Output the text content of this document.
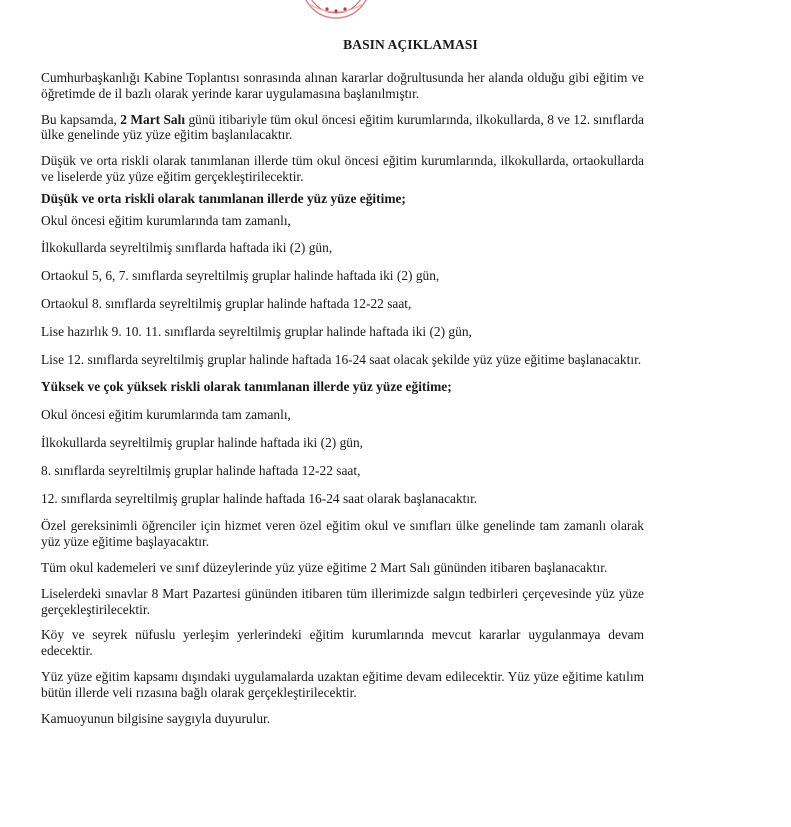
BASIN AÇIKLAMASI

Cumhurbaşkanlığı Kabine Toplantısı sonrasında alınan kararlar doğrultusunda her alanda olduğu gibi eğitim ve öğretimde de il bazlı olarak yerinde karar uygulamasına başlanılmıştır.

Bu kapsamda, 2 Mart Salı günü itibariyle tüm okul öncesi eğitim kurumlarında, ilkokullarda, 8 ve 12. sınıflarda ülke genelinde yüz yüze eğitim başlanılacaktır.

Düşük ve orta riskli olarak tanımlanan illerde tüm okul öncesi eğitim kurumlarında, ilkokullarda, ortaokullarda ve liselerde yüz yüze eğitim gerçekleştirilecektir.

Düşük ve orta riskli olarak tanımlanan illerde yüz yüze eğitime;

Okul öncesi eğitim kurumlarında tam zamanlı,

İlkokullarda seyreltilmiş sınıflarda haftada iki (2) gün,

Ortaokul 5, 6, 7. sınıflarda seyreltilmiş gruplar halinde haftada iki (2) gün,

Ortaokul 8. sınıflarda seyreltilmiş gruplar halinde haftada 12-22 saat,

Lise hazırlık 9. 10. 11. sınıflarda seyreltilmiş gruplar halinde haftada iki (2) gün,

Lise 12. sınıflarda seyreltilmiş gruplar halinde haftada 16-24 saat olacak şekilde yüz yüze eğitime başlanacaktır.

Yüksek ve çok yüksek riskli olarak tanımlanan illerde yüz yüze eğitime;

Okul öncesi eğitim kurumlarında tam zamanlı,

İlkokullarda seyreltilmiş gruplar halinde haftada iki (2) gün,

8. sınıflarda seyreltilmiş gruplar halinde haftada 12-22 saat,

12. sınıflarda seyreltilmiş gruplar halinde haftada 16-24 saat olarak başlanacaktır.

Özel gereksinimli öğrenciler için hizmet veren özel eğitim okul ve sınıfları ülke genelinde tam zamanlı olarak yüz yüze eğitime başlayacaktır.

Tüm okul kademeleri ve sınıf düzeylerinde yüz yüze eğitime 2 Mart Salı gününden itibaren başlanacaktır.

Liselerdeki sınavlar 8 Mart Pazartesi gününden itibaren tüm illerimizde salgın tedbirleri çerçevesinde yüz yüze gerçekleştirilecektir.

Köy ve seyrek nüfuslu yerleşim yerlerindeki eğitim kurumlarında mevcut kararlar uygulanmaya devam edecektir.

Yüz yüze eğitim kapsamı dışındaki uygulamalarda uzaktan eğitime devam edilecektir. Yüz yüze eğitime katılım bütün illerde veli rızasına bağlı olarak gerçekleştirilecektir.

Kamuoyunun bilgisine saygıyla duyurulur.
